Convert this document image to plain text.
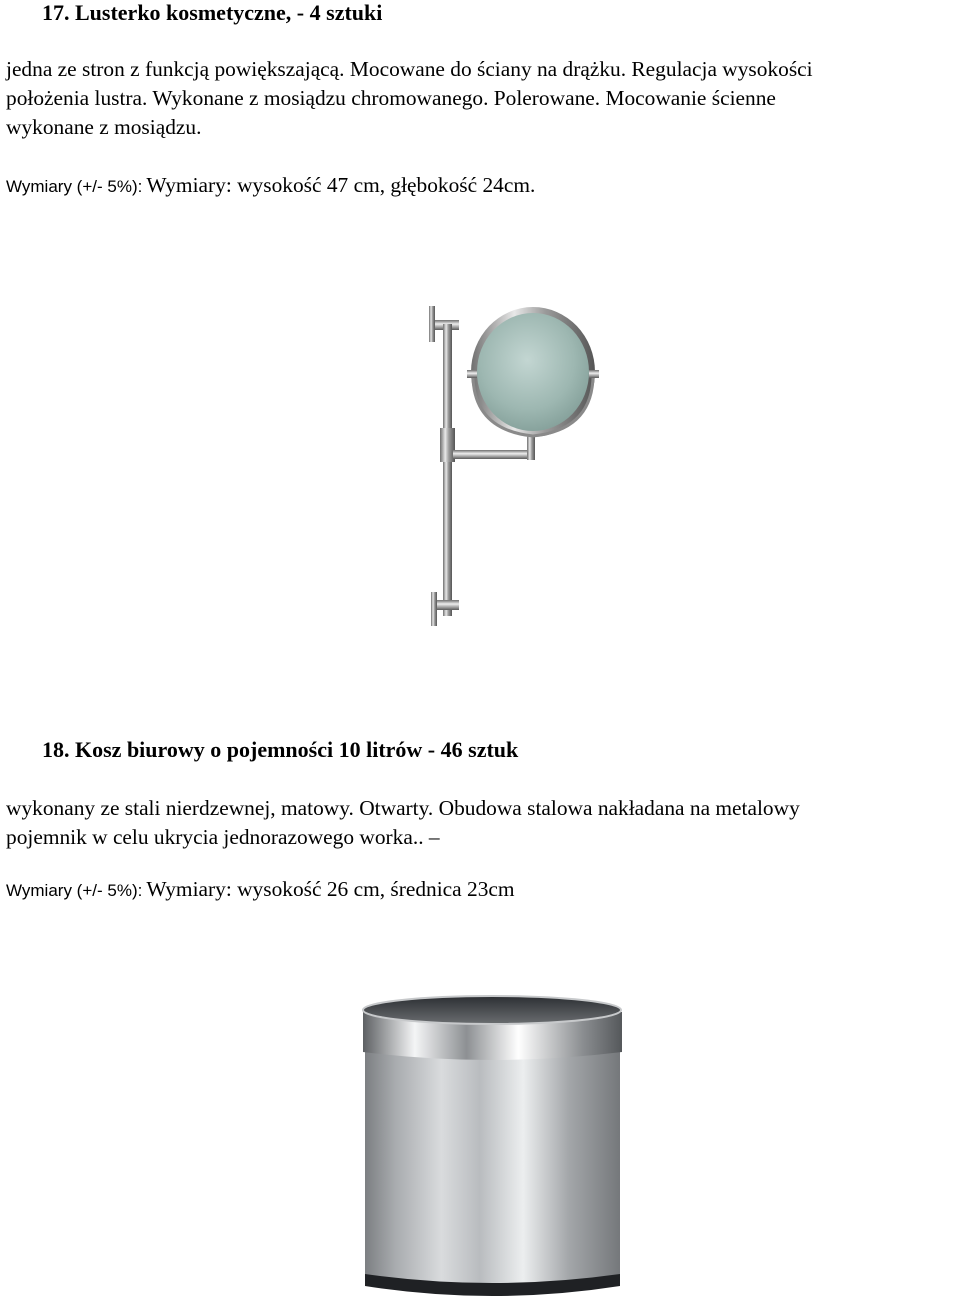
17. Lusterko kosmetyczne, - 4 sztuki

jedna ze stron z funkcją powiększającą. Mocowane do ściany na drążku. Regulacja wysokości

położenia lustra. Wykonane z mosiądzu chromowanego. Polerowane. Mocowanie ścienne

wykonane z mosiądzu.

Wymiary (+/- 5%): Wymiary: wysokość 47 cm, głębokość 24cm.
18. Kosz biurowy o pojemności 10 litrów - 46 sztuk

wykonany ze stali nierdzewnej, matowy. Otwarty. Obudowa stalowa nakładana na metalowy

pojemnik w celu ukrycia jednorazowego worka.. –

Wymiary (+/- 5%): Wymiary: wysokość 26 cm, średnica 23cm
